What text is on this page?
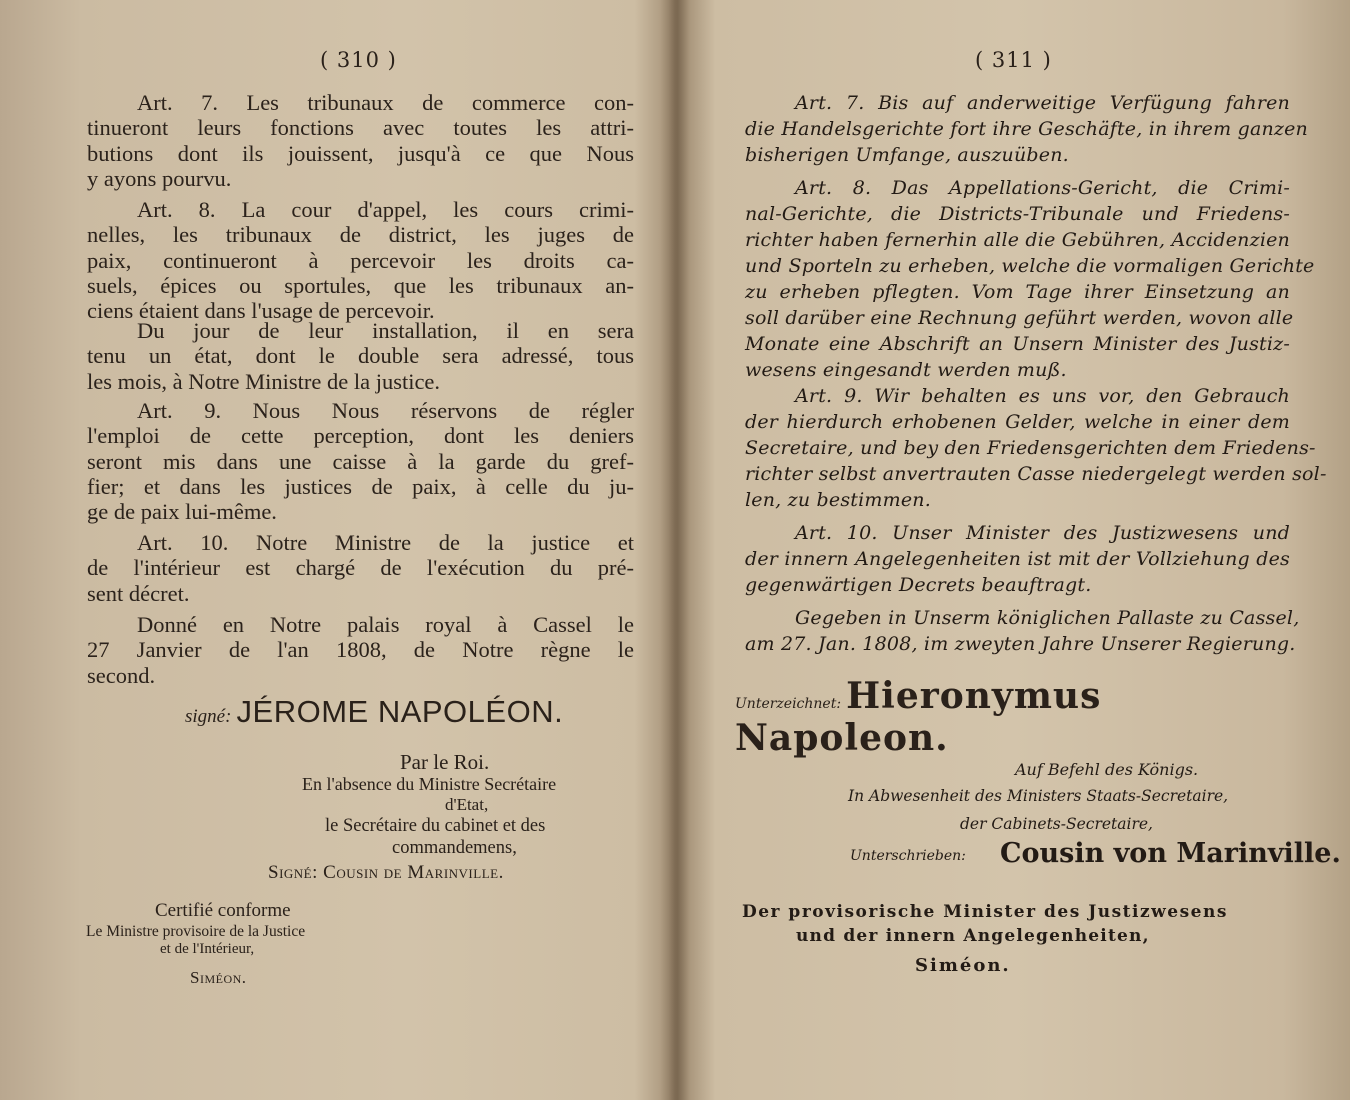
( 310 )
Art. 7. Les tribunaux de commerce con-
tinueront leurs fonctions avec toutes les attri-
butions dont ils jouissent, jusqu'à ce que Nous
y ayons pourvu.
Art. 8. La cour d'appel, les cours crimi-
nelles, les tribunaux de district, les juges de
paix, continueront à percevoir les droits ca-
suels, épices ou sportules, que les tribunaux an-
ciens étaient dans l'usage de percevoir.
Du jour de leur installation, il en sera
tenu un état, dont le double sera adressé, tous
les mois, à Notre Ministre de la justice.
Art. 9. Nous Nous réservons de régler
l'emploi de cette perception, dont les deniers
seront mis dans une caisse à la garde du gref-
fier; et dans les justices de paix, à celle du ju-
ge de paix lui-même.
Art. 10. Notre Ministre de la justice et
de l'intérieur est chargé de l'exécution du pré-
sent décret.
Donné en Notre palais royal à Cassel le
27 Janvier de l'an 1808, de Notre règne le
second.
signé: JÉROME NAPOLÉON.
Par le Roi.
En l'absence du Ministre Secrétaire
d'Etat,
le Secrétaire du cabinet et des
commandemens,
Signé: Cousin de Marinville.
Certifié conforme
Le Ministre provisoire de la Justice
et de l'Intérieur,
Siméon.
( 311 )
Art. 7. Bis auf anderweitige Verfügung fahren
die Handelsgerichte fort ihre Geschäfte, in ihrem ganzen
bisherigen Umfange, auszuüben.
Art. 8. Das Appellations-Gericht, die Crimi-
nal-Gerichte, die Districts-Tribunale und Friedens-
richter haben fernerhin alle die Gebühren, Accidenzien
und Sporteln zu erheben, welche die vormaligen Gerichte
zu erheben pflegten. Vom Tage ihrer Einsetzung an
soll darüber eine Rechnung geführt werden, wovon alle
Monate eine Abschrift an Unsern Minister des Justiz-
wesens eingesandt werden muß.
Art. 9. Wir behalten es uns vor, den Gebrauch
der hierdurch erhobenen Gelder, welche in einer dem
Secretaire, und bey den Friedensgerichten dem Friedens-
richter selbst anvertrauten Casse niedergelegt werden sol-
len, zu bestimmen.
Art. 10. Unser Minister des Justizwesens und
der innern Angelegenheiten ist mit der Vollziehung des
gegenwärtigen Decrets beauftragt.
Gegeben in Unserm königlichen Pallaste zu Cassel,
am 27. Jan. 1808, im zweyten Jahre Unserer Regierung.
Unterzeichnet: Hieronymus Napoleon.
Auf Befehl des Königs.
In Abwesenheit des Ministers Staats-Secretaire,
der Cabinets-Secretaire,
Unterschrieben: Cousin von Marinville.
Der provisorische Minister des Justizwesens
und der innern Angelegenheiten,
Siméon.
